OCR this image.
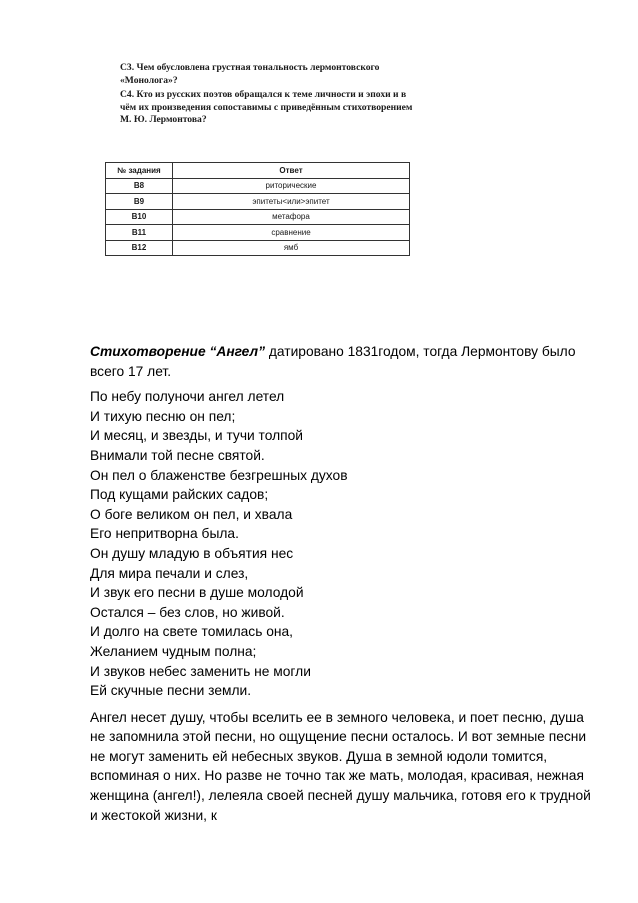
С3. Чем обусловлена грустная тональность лермонтовского «Монолога»?

С4. Кто из русских поэтов обращался к теме личности и эпохи и в чём их произведения сопоставимы с приведённым стихотворением М. Ю. Лермонтова?

№ задания	Ответ
В8	риторические
В9	эпитеты<или>эпитет
В10	метафора
В11	сравнение
В12	ямб

Стихотворение “Ангел” датировано 1831годом, тогда Лермонтову было всего 17 лет.

По небу полуночи ангел летел

И тихую песню он пел;

И месяц, и звезды, и тучи толпой

Внимали той песне святой.

Он пел о блаженстве безгрешных духов

Под кущами райских садов;

О боге великом он пел, и хвала

Его непритворна была.

Он душу младую в объятия нес

Для мира печали и слез,

И звук его песни в душе молодой

Остался – без слов, но живой.

И долго на свете томилась она,

Желанием чудным полна;

И звуков небес заменить не могли

Ей скучные песни земли.

Ангел несет душу, чтобы вселить ее в земного человека, и поет песню, душа не запомнила этой песни, но ощущение песни осталось. И вот земные песни не могут заменить ей небесных звуков. Душа в земной юдоли томится, вспоминая о них. Но разве не точно так же мать, молодая, красивая, нежная женщина (ангел!), лелеяла своей песней душу мальчика, готовя его к трудной и жестокой жизни, к
